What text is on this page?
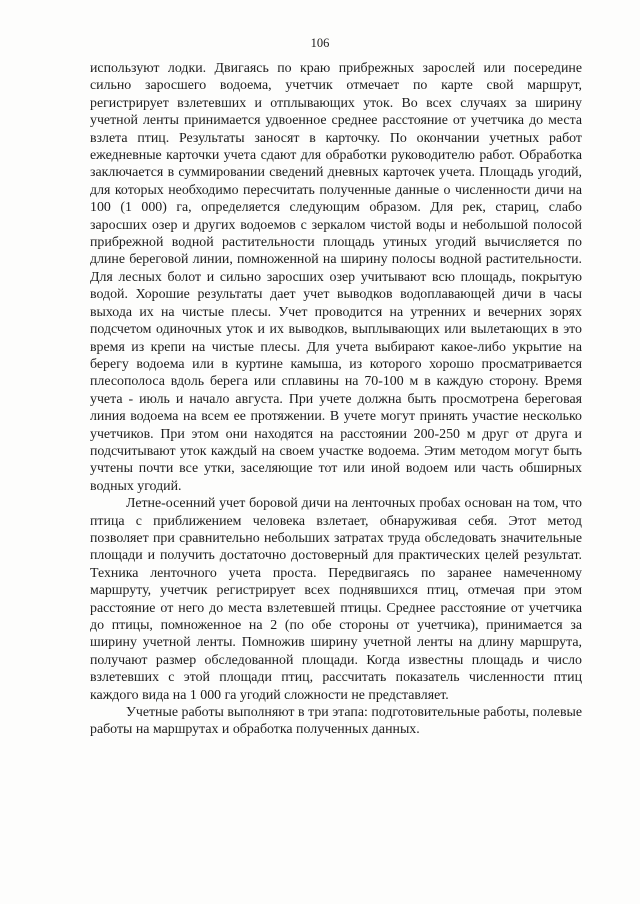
106

используют лодки. Двигаясь по краю прибрежных зарослей или посередине сильно заросшего водоема, учетчик отмечает по карте свой маршрут, регистрирует взлетевших и отплывающих уток. Во всех случаях за ширину учетной ленты принимается удвоенное среднее расстояние от учетчика до места взлета птиц. Результаты заносят в карточку. По окончании учетных работ ежедневные карточки учета сдают для обработки руководителю работ. Обработка заключается в суммировании сведений дневных карточек учета. Площадь угодий, для которых необходимо пересчитать полученные данные о численности дичи на 100 (1 000) га, определяется следующим образом. Для рек, стариц, слабо заросших озер и других водоемов с зеркалом чистой воды и небольшой полосой прибрежной водной растительности площадь утиных угодий вычисляется по длине береговой линии, помноженной на ширину полосы водной растительности. Для лесных болот и сильно заросших озер учитывают всю площадь, покрытую водой. Хорошие результаты дает учет выводков водоплавающей дичи в часы выхода их на чистые плесы. Учет проводится на утренних и вечерних зорях подсчетом одиночных уток и их выводков, выплывающих или вылетающих в это время из крепи на чистые плесы. Для учета выбирают какое-либо укрытие на берегу водоема или в куртине камыша, из которого хорошо просматривается плесополоса вдоль берега или сплавины на 70-100 м в каждую сторону. Время учета - июль и начало августа. При учете должна быть просмотрена береговая линия водоема на всем ее протяжении. В учете могут принять участие несколько учетчиков. При этом они находятся на расстоянии 200-250 м друг от друга и подсчитывают уток каждый на своем участке водоема. Этим методом могут быть учтены почти все утки, заселяющие тот или иной водоем или часть обширных водных угодий.

Летне-осенний учет боровой дичи на ленточных пробах основан на том, что птица с приближением человека взлетает, обнаруживая себя. Этот метод позволяет при сравнительно небольших затратах труда обследовать значительные площади и получить достаточно достоверный для практических целей результат. Техника ленточного учета проста. Передвигаясь по заранее намеченному маршруту, учетчик регистрирует всех поднявшихся птиц, отмечая при этом расстояние от него до места взлетевшей птицы. Среднее расстояние от учетчика до птицы, помноженное на 2 (по обе стороны от учетчика), принимается за ширину учетной ленты. Помножив ширину учетной ленты на длину маршрута, получают размер обследованной площади. Когда известны площадь и число взлетевших с этой площади птиц, рассчитать показатель численности птиц каждого вида на 1 000 га угодий сложности не представляет.

Учетные работы выполняют в три этапа: подготовительные работы, полевые работы на маршрутах и обработка полученных данных.
